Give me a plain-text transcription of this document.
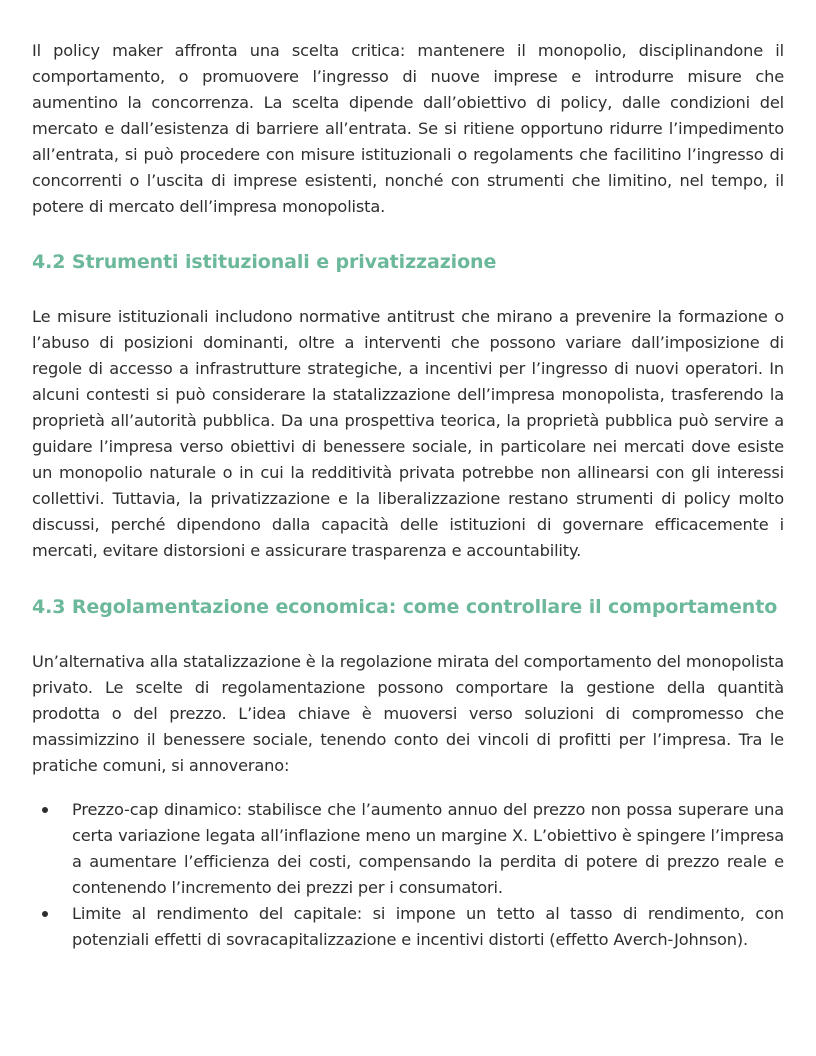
Il policy maker affronta una scelta critica: mantenere il monopolio, disciplinandone il comportamento, o promuovere l’ingresso di nuove imprese e introdurre misure che aumentino la concorrenza. La scelta dipende dall’obiettivo di policy, dalle condizioni del mercato e dall’esistenza di barriere all’entrata. Se si ritiene opportuno ridurre l’impedimento all’entrata, si può procedere con misure istituzionali o regolaments che facilitino l’ingresso di concorrenti o l’uscita di imprese esistenti, nonché con strumenti che limitino, nel tempo, il potere di mercato dell’impresa monopolista.

4.2 Strumenti istituzionali e privatizzazione

Le misure istituzionali includono normative antitrust che mirano a prevenire la formazione o l’abuso di posizioni dominanti, oltre a interventi che possono variare dall’imposizione di regole di accesso a infrastrutture strategiche, a incentivi per l’ingresso di nuovi operatori. In alcuni contesti si può considerare la statalizzazione dell’impresa monopolista, trasferendo la proprietà all’autorità pubblica. Da una prospettiva teorica, la proprietà pubblica può servire a guidare l’impresa verso obiettivi di benessere sociale, in particolare nei mercati dove esiste un monopolio naturale o in cui la redditività privata potrebbe non allinearsi con gli interessi collettivi. Tuttavia, la privatizzazione e la liberalizzazione restano strumenti di policy molto discussi, perché dipendono dalla capacità delle istituzioni di governare efficacemente i mercati, evitare distorsioni e assicurare trasparenza e accountability.

4.3 Regolamentazione economica: come controllare il comportamento

Un’alternativa alla statalizzazione è la regolazione mirata del comportamento del monopolista privato. Le scelte di regolamentazione possono comportare la gestione della quantità prodotta o del prezzo. L’idea chiave è muoversi verso soluzioni di compromesso che massimizzino il benessere sociale, tenendo conto dei vincoli di profitti per l’impresa. Tra le pratiche comuni, si annoverano:

Prezzo-cap dinamico: stabilisce che l’aumento annuo del prezzo non possa superare una certa variazione legata all’inflazione meno un margine X. L’obiettivo è spingere l’impresa a aumentare l’efficienza dei costi, compensando la perdita di potere di prezzo reale e contenendo l’incremento dei prezzi per i consumatori.
Limite al rendimento del capitale: si impone un tetto al tasso di rendimento, con potenziali effetti di sovracapitalizzazione e incentivi distorti (effetto Averch-Johnson).
